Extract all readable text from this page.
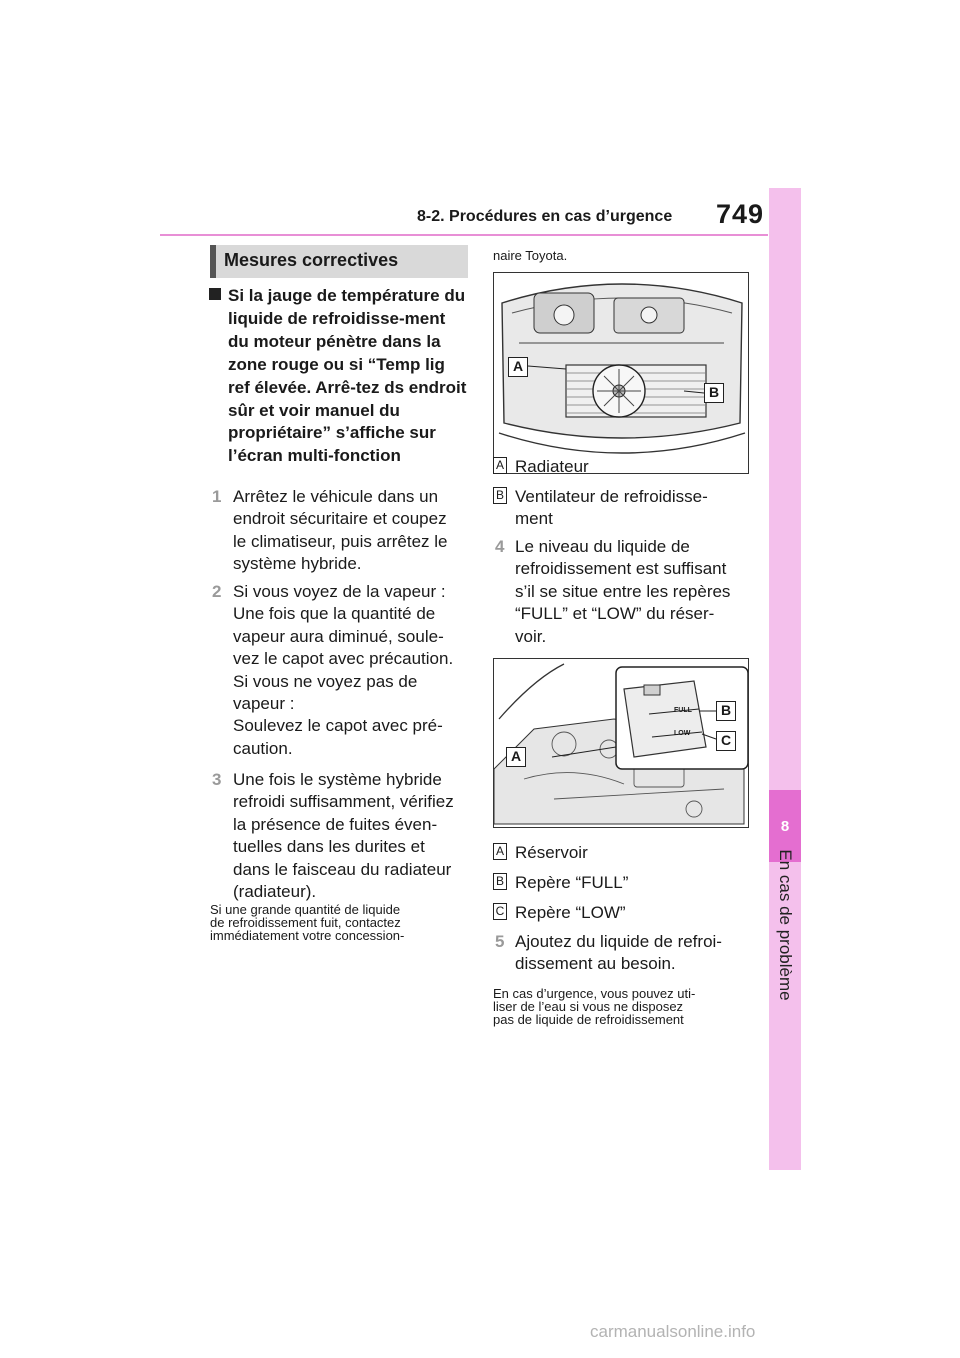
8-2. Procédures en cas d’urgence 749
8
En cas de problème
Mesures correctives
Si la jauge de température du liquide de refroidisse-ment du moteur pénètre dans la zone rouge ou si “Temp lig ref élevée. Arrê-tez ds endroit sûr et voir manuel du propriétaire” s’affiche sur l’écran multi-fonction
1 Arrêtez le véhicule dans un
endroit sécuritaire et coupez
le climatiseur, puis arrêtez le
système hybride.
2 Si vous voyez de la vapeur :
Une fois que la quantité de
vapeur aura diminué, soule-
vez le capot avec précaution.
Si vous ne voyez pas de
vapeur :
Soulevez le capot avec pré-
caution.
3 Une fois le système hybride
refroidi suffisamment, vérifiez
la présence de fuites éven-
tuelles dans les durites et
dans le faisceau du radiateur
(radiateur).
Si une grande quantité de liquide
de refroidissement fuit, contactez
immédiatement votre concession-
naire Toyota.
A
B
A Radiateur
B Ventilateur de refroidisse-
ment
4 Le niveau du liquide de
refroidissement est suffisant
s’il se situe entre les repères
“FULL” et “LOW” du réser-
voir.
FULL
LOW
A
B
C
A Réservoir
B Repère “FULL”
C Repère “LOW”
5 Ajoutez du liquide de refroi-
dissement au besoin.
En cas d’urgence, vous pouvez uti-
liser de l’eau si vous ne disposez
pas de liquide de refroidissement
carmanualsonline.info
